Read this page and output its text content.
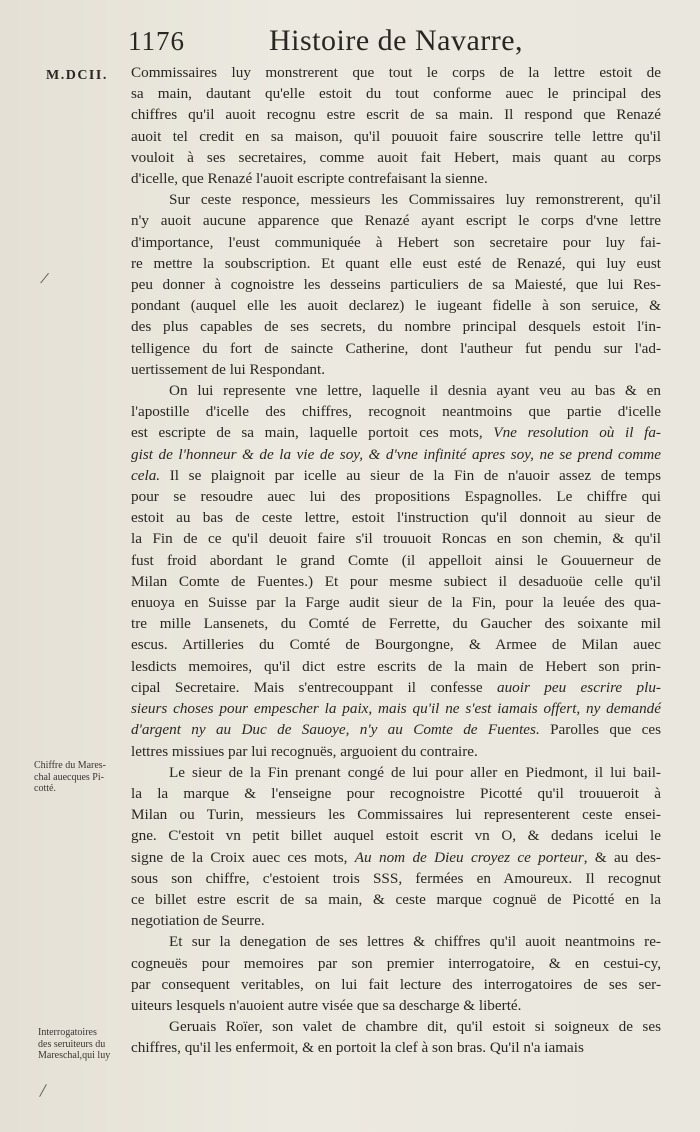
1176	Histoire de Navarre,
M.DCII.
/
/
Chiffre du Mares-
chal auecques Pi-
cotté.
Interrogatoires
des seruiteurs du
Mareschal,qui luy
Commissaires luy monstrerent que tout le corps de la lettre estoit de
sa main, dautant qu'elle estoit du tout conforme auec le principal des
chiffres qu'il auoit recognu estre escrit de sa main. Il respond que Renazé
auoit tel credit en sa maison, qu'il pouuoit faire souscrire telle lettre qu'il
vouloit à ses secretaires, comme auoit fait Hebert, mais quant au corps
d'icelle, que Renazé l'auoit escripte contrefaisant la sienne.
Sur ceste responce, messieurs les Commissaires luy remonstrerent, qu'il
n'y auoit aucune apparence que Renazé ayant escript le corps d'vne lettre
d'importance, l'eust communiquée à Hebert son secretaire pour luy fai-
re mettre la soubscription. Et quant elle eust esté de Renazé, qui luy eust
peu donner à cognoistre les desseins particuliers de sa Maiesté, que lui Res-
pondant (auquel elle les auoit declarez) le iugeant fidelle à son seruice, &
des plus capables de ses secrets, du nombre principal desquels estoit l'in-
telligence du fort de saincte Catherine, dont l'autheur fut pendu sur l'ad-
uertissement de lui Respondant.
On lui represente vne lettre, laquelle il desnia ayant veu au bas & en
l'apostille d'icelle des chiffres, recognoit neantmoins que partie d'icelle
est escripte de sa main, laquelle portoit ces mots, Vne resolution où il fa-
gist de l'honneur & de la vie de soy, & d'vne infinité apres soy, ne se prend comme
cela. Il se plaignoit par icelle au sieur de la Fin de n'auoir assez de temps
pour se resoudre auec lui des propositions Espagnolles. Le chiffre qui
estoit au bas de ceste lettre, estoit l'instruction qu'il donnoit au sieur de
la Fin de ce qu'il deuoit faire s'il trouuoit Roncas en son chemin, & qu'il
fust froid abordant le grand Comte (il appelloit ainsi le Gouuerneur de
Milan Comte de Fuentes.) Et pour mesme subiect il desaduoüe celle qu'il
enuoya en Suisse par la Farge audit sieur de la Fin, pour la leuée des qua-
tre mille Lansenets, du Comté de Ferrette, du Gaucher des soixante mil
escus. Artilleries du Comté de Bourgongne, & Armee de Milan auec
lesdicts memoires, qu'il dict estre escrits de la main de Hebert son prin-
cipal Secretaire. Mais s'entrecouppant il confesse auoir peu escrire plu-
sieurs choses pour empescher la paix, mais qu'il ne s'est iamais offert, ny demandé
d'argent ny au Duc de Sauoye, n'y au Comte de Fuentes. Parolles que ces
lettres missiues par lui recognuës, arguoient du contraire.
Le sieur de la Fin prenant congé de lui pour aller en Piedmont, il lui bail-
la la marque & l'enseigne pour recognoistre Picotté qu'il trouueroit à
Milan ou Turin, messieurs les Commissaires lui representerent ceste ensei-
gne. C'estoit vn petit billet auquel estoit escrit vn O, & dedans icelui le
signe de la Croix auec ces mots, Au nom de Dieu croyez ce porteur, & au des-
sous son chiffre, c'estoient trois SSS, fermées en Amoureux. Il recognut
ce billet estre escrit de sa main, & ceste marque cognuë de Picotté en la
negotiation de Seurre.
Et sur la denegation de ses lettres & chiffres qu'il auoit neantmoins re-
cogneuës pour memoires par son premier interrogatoire, & en cestui-cy,
par consequent veritables, on lui fait lecture des interrogatoires de ses ser-
uiteurs lesquels n'auoient autre visée que sa descharge & liberté.
Geruais Roïer, son valet de chambre dit, qu'il estoit si soigneux de ses
chiffres, qu'il les enfermoit, & en portoit la clef à son bras. Qu'il n'a iamais
